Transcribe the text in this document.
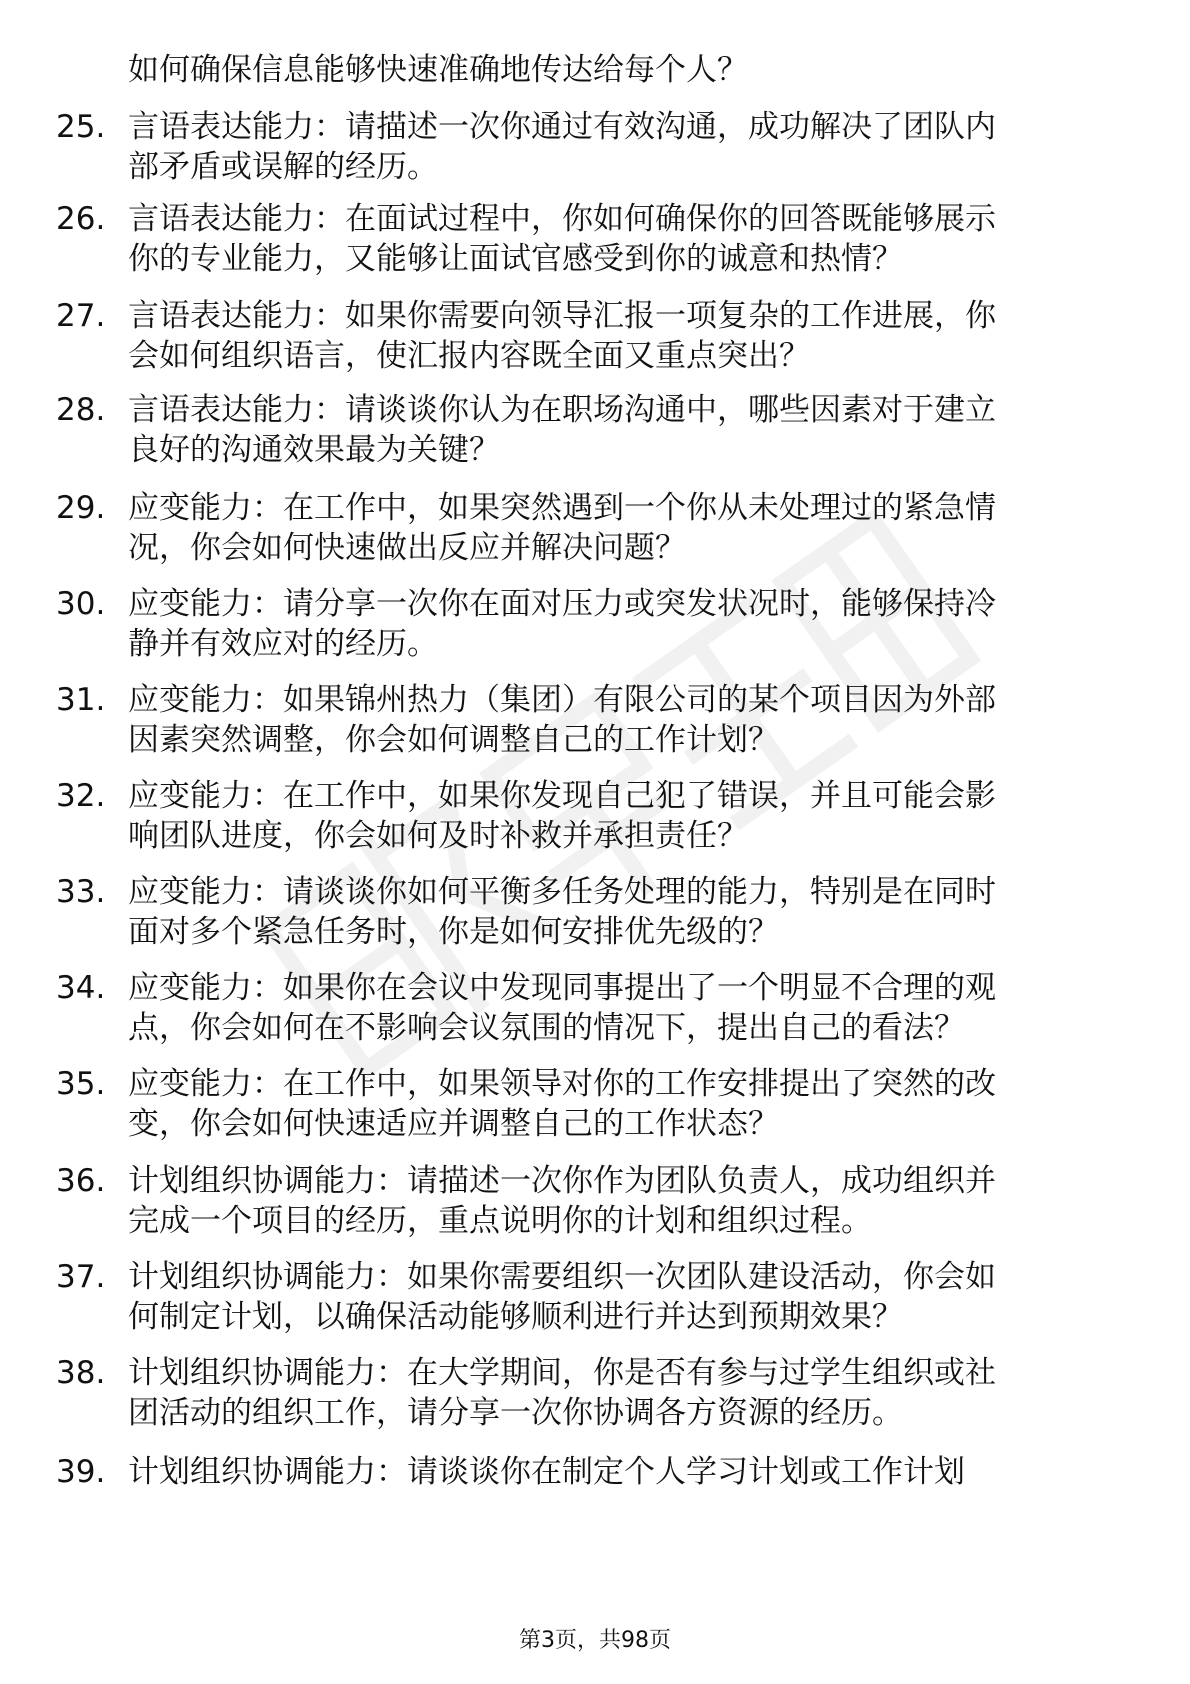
如何确保信息能够快速准确地传达给每个人？
25. 言语表达能力：请描述一次你通过有效沟通，成功解决了团队内
部矛盾或误解的经历。
26. 言语表达能力：在面试过程中，你如何确保你的回答既能够展示
你的专业能力，又能够让面试官感受到你的诚意和热情？
27. 言语表达能力：如果你需要向领导汇报一项复杂的工作进展，你
会如何组织语言，使汇报内容既全面又重点突出？
28. 言语表达能力：请谈谈你认为在职场沟通中，哪些因素对于建立
良好的沟通效果最为关键？
29. 应变能力：在工作中，如果突然遇到一个你从未处理过的紧急情
况，你会如何快速做出反应并解决问题？
30. 应变能力：请分享一次你在面对压力或突发状况时，能够保持冷
静并有效应对的经历。
31. 应变能力：如果锦州热力（集团）有限公司的某个项目因为外部
因素突然调整，你会如何调整自己的工作计划？
32. 应变能力：在工作中，如果你发现自己犯了错误，并且可能会影
响团队进度，你会如何及时补救并承担责任？
33. 应变能力：请谈谈你如何平衡多任务处理的能力，特别是在同时
面对多个紧急任务时，你是如何安排优先级的？
34. 应变能力：如果你在会议中发现同事提出了一个明显不合理的观
点，你会如何在不影响会议氛围的情况下，提出自己的看法？
35. 应变能力：在工作中，如果领导对你的工作安排提出了突然的改
变，你会如何快速适应并调整自己的工作状态？
36. 计划组织协调能力：请描述一次你作为团队负责人，成功组织并
完成一个项目的经历，重点说明你的计划和组织过程。
37. 计划组织协调能力：如果你需要组织一次团队建设活动，你会如
何制定计划，以确保活动能够顺利进行并达到预期效果？
38. 计划组织协调能力：在大学期间，你是否有参与过学生组织或社
团活动的组织工作，请分享一次你协调各方资源的经历。
39. 计划组织协调能力：请谈谈你在制定个人学习计划或工作计划
第3页，共98页
